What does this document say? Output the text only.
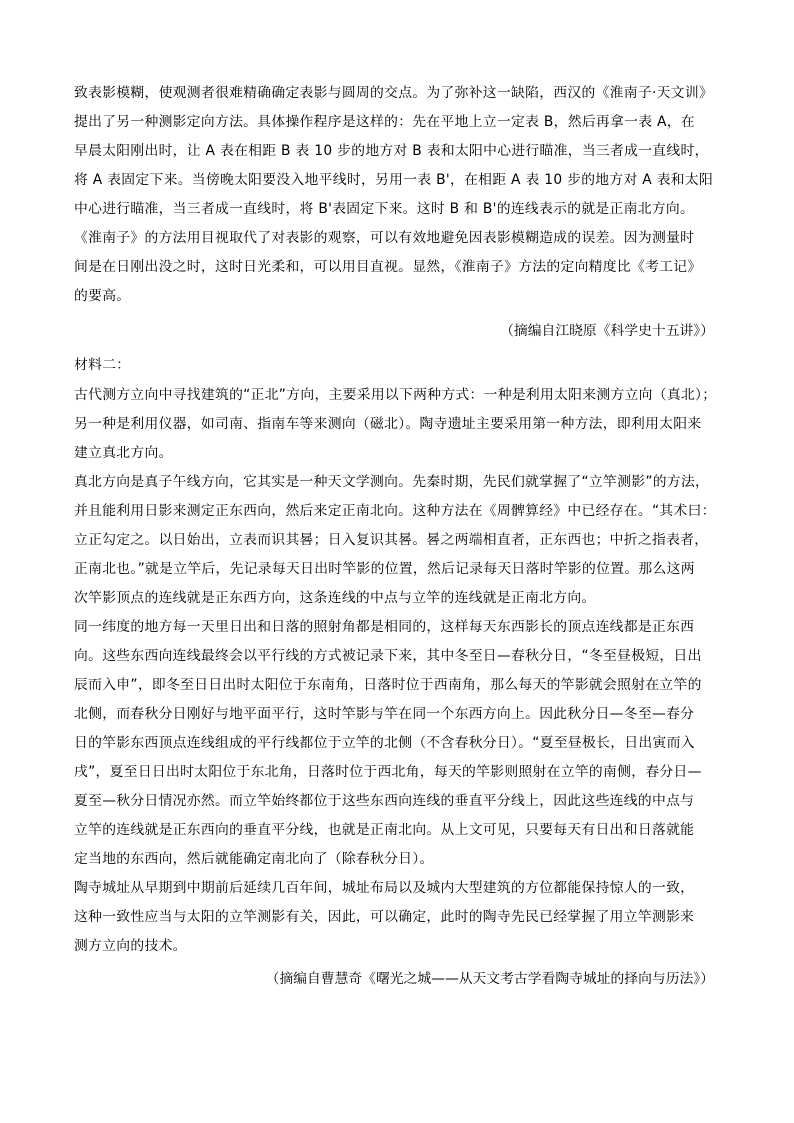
致表影模糊，使观测者很难精确确定表影与圆周的交点。为了弥补这一缺陷，西汉的《淮南子·天文训》
提出了另一种测影定向方法。具体操作程序是这样的：先在平地上立一定表 B，然后再拿一表 A，在
早晨太阳刚出时，让 A 表在相距 B 表 10 步的地方对 B 表和太阳中心进行瞄准，当三者成一直线时，
将 A 表固定下来。当傍晚太阳要没入地平线时，另用一表 B'，在相距 A 表 10 步的地方对 A 表和太阳
中心进行瞄准，当三者成一直线时，将 B'表固定下来。这时 B 和 B'的连线表示的就是正南北方向。
《淮南子》的方法用目视取代了对表影的观察，可以有效地避免因表影模糊造成的误差。因为测量时
间是在日刚出没之时，这时日光柔和，可以用目直视。显然，《淮南子》方法的定向精度比《考工记》
的要高。
（摘编自江晓原《科学史十五讲》）
材料二：
古代测方立向中寻找建筑的“正北”方向，主要采用以下两种方式：一种是利用太阳来测方立向（真北）；
另一种是利用仪器，如司南、指南车等来测向（磁北）。陶寺遗址主要采用第一种方法，即利用太阳来
建立真北方向。
真北方向是真子午线方向，它其实是一种天文学测向。先秦时期，先民们就掌握了“立竿测影”的方法，
并且能利用日影来测定正东西向，然后来定正南北向。这种方法在《周髀算经》中已经存在。“其术曰：
立正勾定之。以日始出，立表而识其晷；日入复识其晷。晷之两端相直者，正东西也；中折之指表者，
正南北也。”就是立竿后，先记录每天日出时竿影的位置，然后记录每天日落时竿影的位置。那么这两
次竿影顶点的连线就是正东西方向，这条连线的中点与立竿的连线就是正南北方向。
同一纬度的地方每一天里日出和日落的照射角都是相同的，这样每天东西影长的顶点连线都是正东西
向。这些东西向连线最终会以平行线的方式被记录下来，其中冬至日—春秋分日，“冬至昼极短，日出
辰而入申”，即冬至日日出时太阳位于东南角，日落时位于西南角，那么每天的竿影就会照射在立竿的
北侧，而春秋分日刚好与地平面平行，这时竿影与竿在同一个东西方向上。因此秋分日—冬至—春分
日的竿影东西顶点连线组成的平行线都位于立竿的北侧（不含春秋分日）。“夏至昼极长，日出寅而入
戌”，夏至日日出时太阳位于东北角，日落时位于西北角，每天的竿影则照射在立竿的南侧，春分日—
夏至—秋分日情况亦然。而立竿始终都位于这些东西向连线的垂直平分线上，因此这些连线的中点与
立竿的连线就是正东西向的垂直平分线，也就是正南北向。从上文可见，只要每天有日出和日落就能
定当地的东西向，然后就能确定南北向了（除春秋分日）。
陶寺城址从早期到中期前后延续几百年间，城址布局以及城内大型建筑的方位都能保持惊人的一致，
这种一致性应当与太阳的立竿测影有关，因此，可以确定，此时的陶寺先民已经掌握了用立竿测影来
测方立向的技术。
（摘编自曹慧奇《曙光之城——从天文考古学看陶寺城址的择向与历法》）
